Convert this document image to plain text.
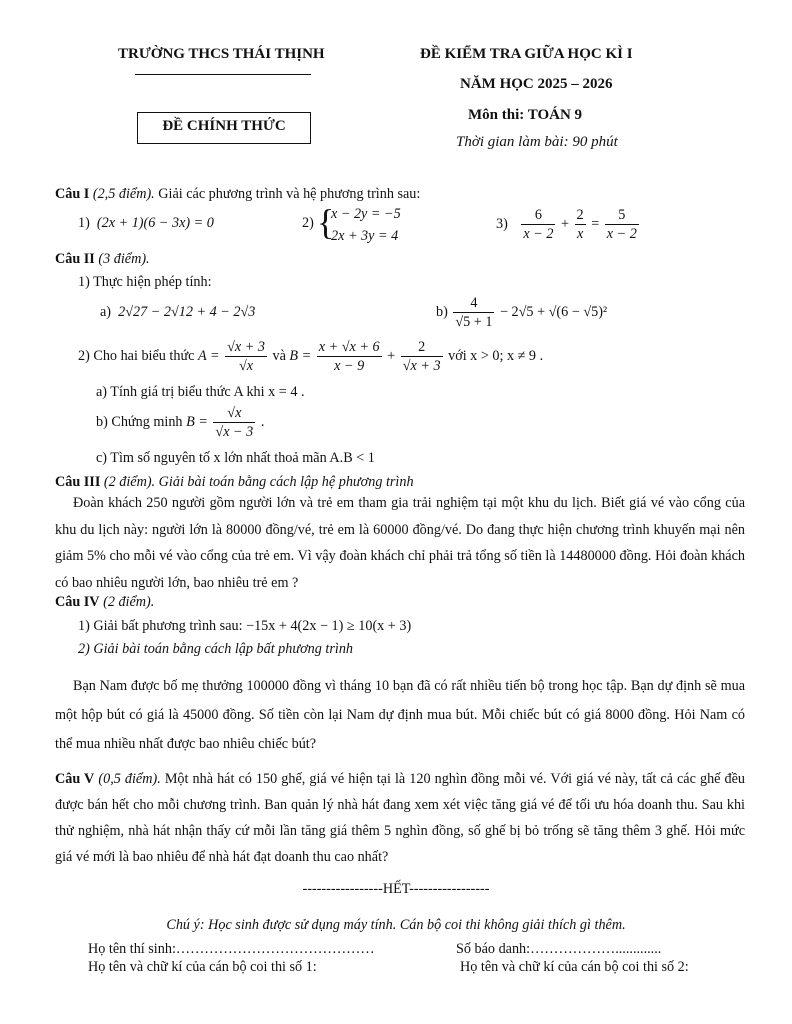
TRƯỜNG THCS THÁI THỊNH
ĐỀ CHÍNH THỨC
ĐỀ KIỂM TRA GIỮA HỌC KÌ I
NĂM HỌC 2025 – 2026
Môn thi: TOÁN 9
Thời gian làm bài: 90 phút
Câu I (2,5 điểm). Giải các phương trình và hệ phương trình sau:
1) (2x + 1)(6 − 3x) = 0	2) {
x − 2y = −5
2x + 3y = 4
$3) \frac{6}{x - 2} + \frac{2}{x} = \frac{5}{x - 2}$
Câu II (3 điểm).
1) Thực hiện phép tính:
a) 2√27 − 2√12 + 4 − 2√3	$b) \frac{4}{√5 + 1} - 2√5 + √(6 - √5)^2$
2) Cho hai biểu thức $A = \frac{√x + 3}{√x}$ và $B = \frac{x + √x + 6}{x - 9} + \frac{2}{√x + 3}$ với x > 0; x ≠ 9 .
a) Tính giá trị biểu thức A khi x = 4 .
b) Chứng minh $B = \frac{√x}{√x - 3}$ .
c) Tìm số nguyên tố x lớn nhất thoả mãn A.B < 1
Câu III (2 điểm). Giải bài toán bằng cách lập hệ phương trình
Đoàn khách 250 người gồm người lớn và trẻ em tham gia trải nghiệm tại một khu du lịch. Biết giá vé vào cổng của khu du lịch này: người lớn là 80000 đồng/vé, trẻ em là 60000 đồng/vé. Do đang thực hiện chương trình khuyến mại nên giảm 5% cho mỗi vé vào cổng của trẻ em. Vì vậy đoàn khách chỉ phải trả tổng số tiền là 14480000 đồng. Hỏi đoàn khách có bao nhiêu người lớn, bao nhiêu trẻ em ?
Câu IV (2 điểm).
1) Giải bất phương trình sau: −15x + 4(2x − 1) ≥ 10(x + 3)
2) Giải bài toán bằng cách lập bất phương trình
Bạn Nam được bố mẹ thưởng 100000 đồng vì tháng 10 bạn đã có rất nhiều tiến bộ trong học tập. Bạn dự định sẽ mua một hộp bút có giá là 45000 đồng. Số tiền còn lại Nam dự định mua bút. Mỗi chiếc bút có giá 8000 đồng. Hỏi Nam có thể mua nhiều nhất được bao nhiêu chiếc bút?
Câu V (0,5 điểm). Một nhà hát có 150 ghế, giá vé hiện tại là 120 nghìn đồng mỗi vé. Với giá vé này, tất cả các ghế đều được bán hết cho mỗi chương trình. Ban quản lý nhà hát đang xem xét việc tăng giá vé để tối ưu hóa doanh thu. Sau khi thử nghiệm, nhà hát nhận thấy cứ mỗi lần tăng giá thêm 5 nghìn đồng, số ghế bị bỏ trống sẽ tăng thêm 3 ghế. Hỏi mức giá vé mới là bao nhiêu để nhà hát đạt doanh thu cao nhất?
-----------------HẾT-----------------
Chú ý: Học sinh được sử dụng máy tính. Cán bộ coi thi không giải thích gì thêm.
Họ tên thí sinh:……………………………………	Số báo danh:……………….............
Họ tên và chữ kí của cán bộ coi thi số 1:	Họ tên và chữ kí của cán bộ coi thi số 2:
